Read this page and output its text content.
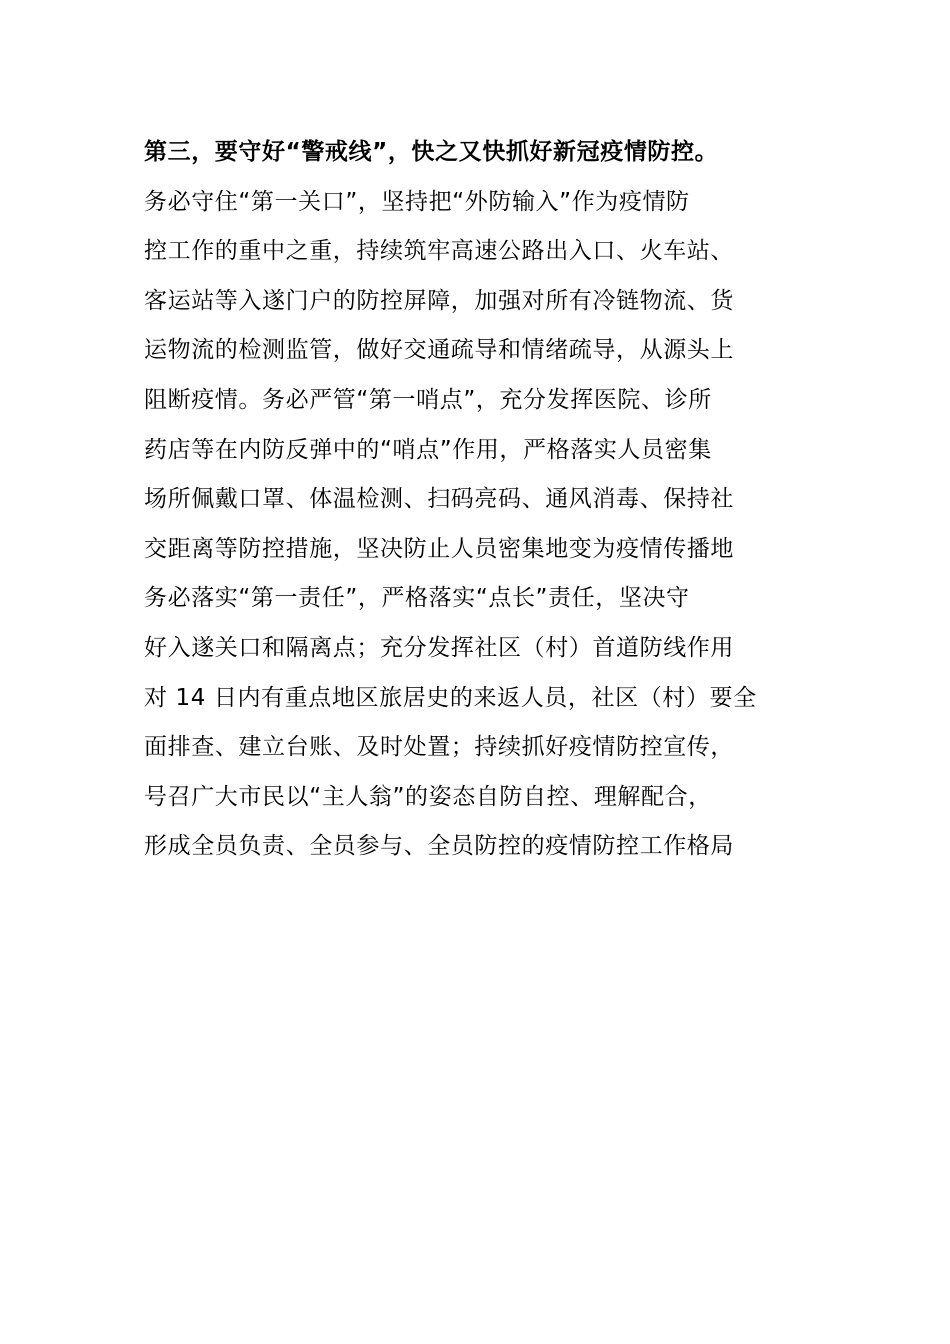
第三，要守好“警戒线”，快之又快抓好新冠疫情防控。
务必守住“第一关口”，坚持把“外防输入”作为疫情防
控工作的重中之重，持续筑牢高速公路出入口、火车站、
客运站等入遂门户的防控屏障，加强对所有冷链物流、货
运物流的检测监管，做好交通疏导和情绪疏导，从源头上
阻断疫情。务必严管“第一哨点”，充分发挥医院、诊所
药店等在内防反弹中的“哨点”作用，严格落实人员密集
场所佩戴口罩、体温检测、扫码亮码、通风消毒、保持社
交距离等防控措施，坚决防止人员密集地变为疫情传播地
务必落实“第一责任”，严格落实“点长”责任，坚决守
好入遂关口和隔离点；充分发挥社区（村）首道防线作用
对 14 日内有重点地区旅居史的来返人员，社区（村）要全
面排查、建立台账、及时处置；持续抓好疫情防控宣传，
号召广大市民以“主人翁”的姿态自防自控、理解配合，
形成全员负责、全员参与、全员防控的疫情防控工作格局
